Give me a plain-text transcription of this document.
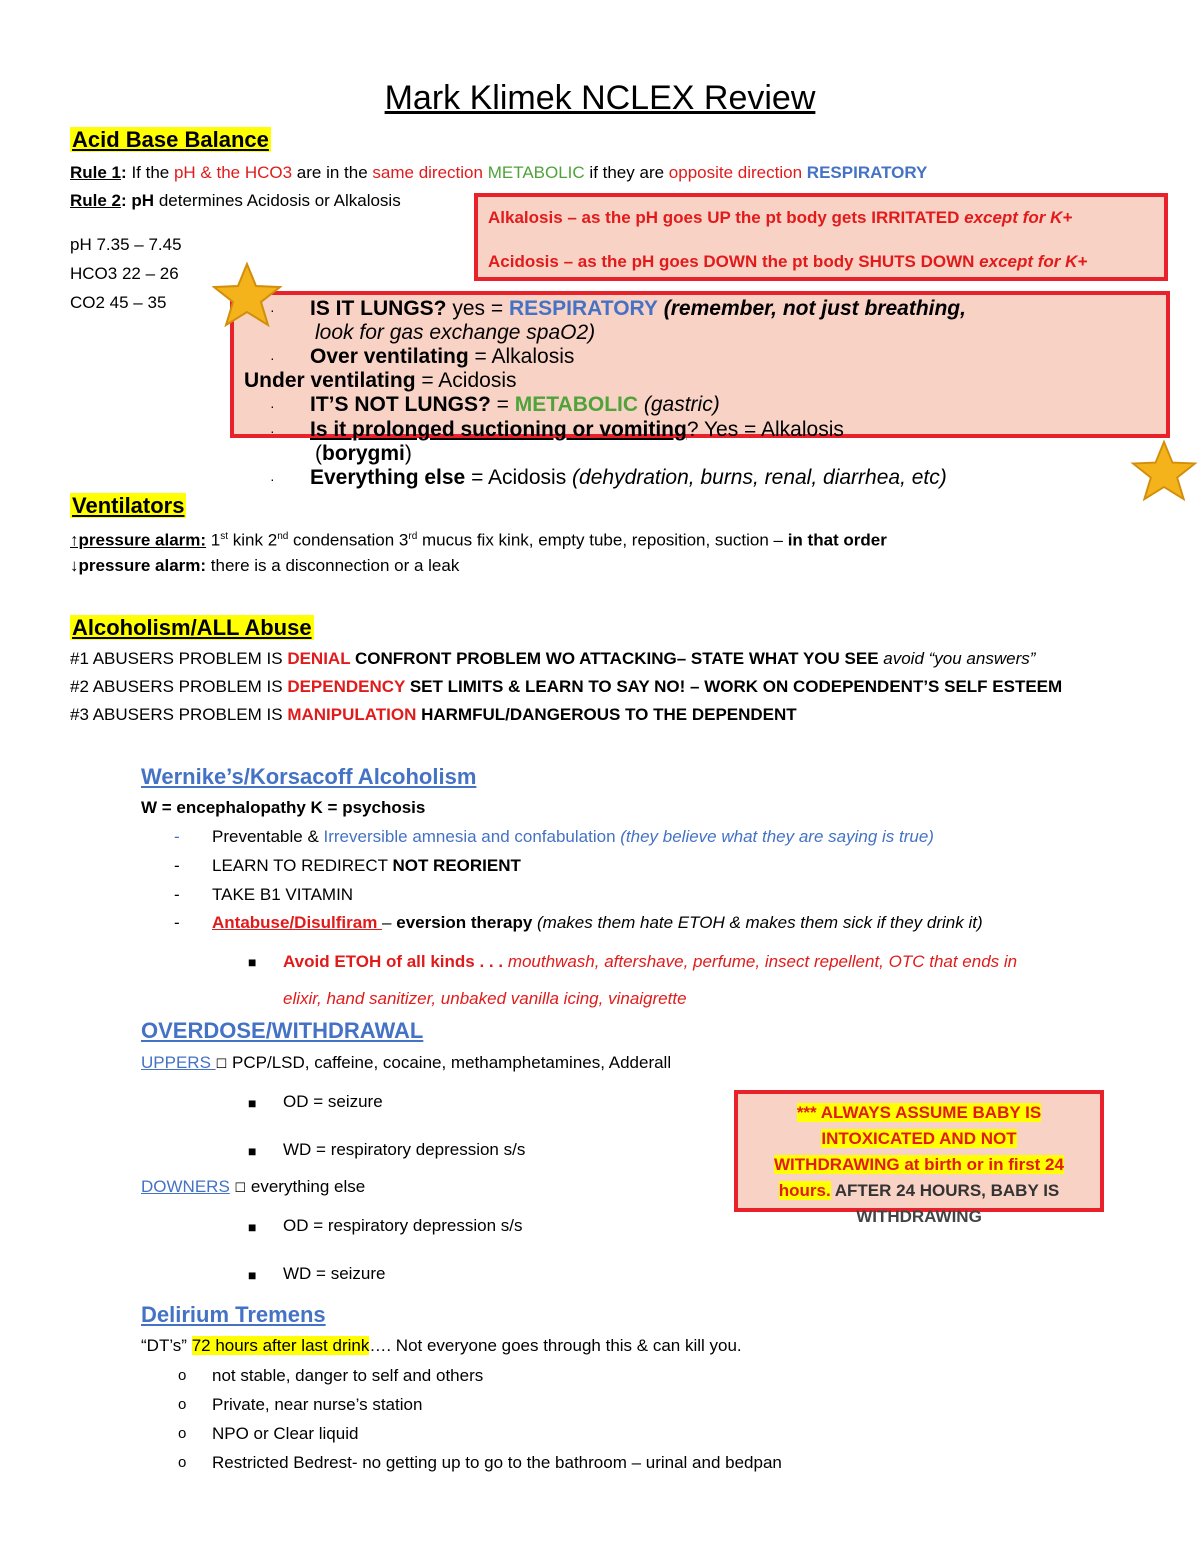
Mark Klimek NCLEX Review
Acid Base Balance
Rule 1: If the pH & the HCO3 are in the same direction METABOLIC if they are opposite direction RESPIRATORY
Rule 2: pH determines Acidosis or Alkalosis
pH 7.35 – 7.45
HCO3 22 – 26
CO2 45 – 35
Alkalosis – as the pH goes UP the pt body gets IRRITATED except for K+
Acidosis – as the pH goes DOWN the pt body SHUTS DOWN except for K+
· IS IT LUNGS? yes = RESPIRATORY (remember, not just breathing,
look for gas exchange spaO2)
· Over ventilating = Alkalosis
Under ventilating = Acidosis
· IT’S NOT LUNGS? = METABOLIC (gastric)
· Is it prolonged suctioning or vomiting? Yes = Alkalosis
(borygmi)
· Everything else = Acidosis (dehydration, burns, renal, diarrhea, etc)
Ventilators
↑pressure alarm: 1st kink 2nd condensation 3rd mucus fix kink, empty tube, reposition, suction – in that order
↓pressure alarm: there is a disconnection or a leak
Alcoholism/ALL Abuse
#1 ABUSERS PROBLEM IS DENIAL CONFRONT PROBLEM WO ATTACKING– STATE WHAT YOU SEE avoid “you answers”
#2 ABUSERS PROBLEM IS DEPENDENCY SET LIMITS & LEARN TO SAY NO! – WORK ON CODEPENDENT’S SELF ESTEEM
#3 ABUSERS PROBLEM IS MANIPULATION HARMFUL/DANGEROUS TO THE DEPENDENT
Wernike’s/Korsacoff Alcoholism
W = encephalopathy K = psychosis
- Preventable & Irreversible amnesia and confabulation (they believe what they are saying is true)
- LEARN TO REDIRECT NOT REORIENT
- TAKE B1 VITAMIN
- Antabuse/Disulfiram – eversion therapy (makes them hate ETOH & makes them sick if they drink it)
■ Avoid ETOH of all kinds . . . mouthwash, aftershave, perfume, insect repellent, OTC that ends in
elixir, hand sanitizer, unbaked vanilla icing, vinaigrette
OVERDOSE/WITHDRAWAL
UPPERS ☐ PCP/LSD, caffeine, cocaine, methamphetamines, Adderall
■ OD = seizure
■ WD = respiratory depression s/s
DOWNERS ☐ everything else
■ OD = respiratory depression s/s
■ WD = seizure
*** ALWAYS ASSUME BABY IS
INTOXICATED AND NOT
WITHDRAWING at birth or in first 24
hours. AFTER 24 HOURS, BABY IS

WITHDRAWING
Delirium Tremens
“DT’s” 72 hours after last drink…. Not everyone goes through this & can kill you.
o not stable, danger to self and others
o Private, near nurse’s station
o NPO or Clear liquid
o Restricted Bedrest- no getting up to go to the bathroom – urinal and bedpan
